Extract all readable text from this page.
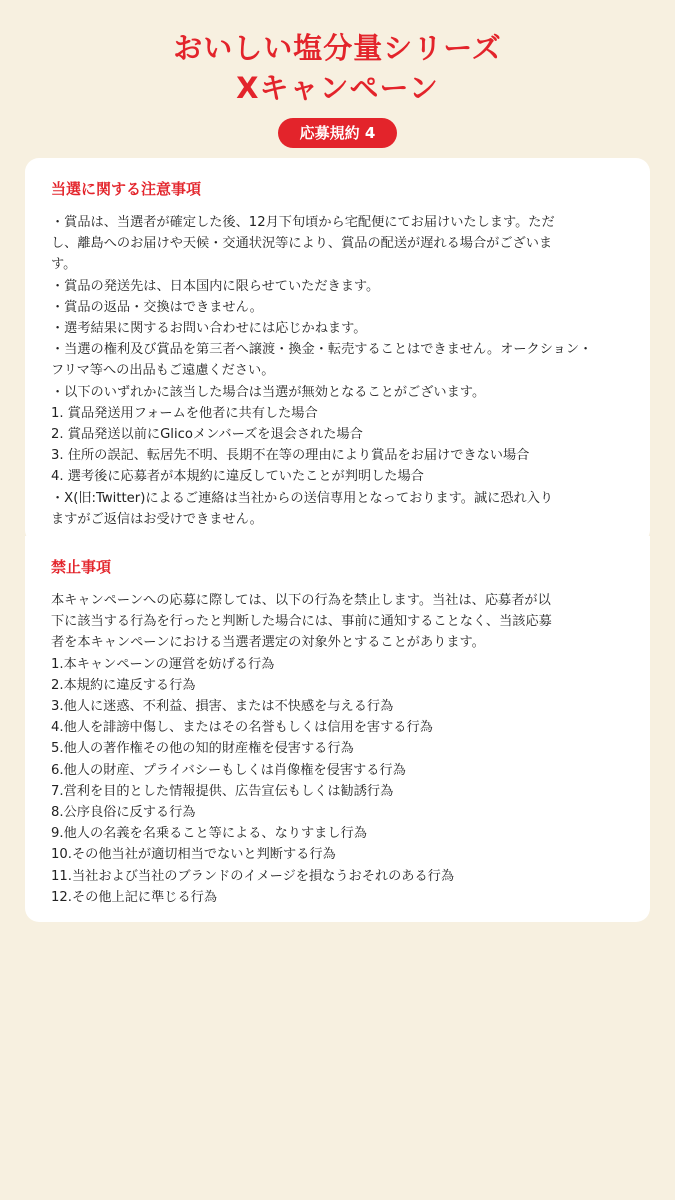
おいしい塩分量シリーズ
Xキャンペーン
応募規約 4
当選に関する注意事項
・賞品は、当選者が確定した後、12月下旬頃から宅配便にてお届けいたします。ただ
し、離島へのお届けや天候・交通状況等により、賞品の配送が遅れる場合がございま
す。
・賞品の発送先は、日本国内に限らせていただきます。
・賞品の返品・交換はできません。
・選考結果に関するお問い合わせには応じかねます。
・当選の権利及び賞品を第三者へ譲渡・換金・転売することはできません。オークション・
フリマ等への出品もご遠慮ください。
・以下のいずれかに該当した場合は当選が無効となることがございます。
1. 賞品発送用フォームを他者に共有した場合
2. 賞品発送以前にGlicoメンバーズを退会された場合
3. 住所の誤記、転居先不明、長期不在等の理由により賞品をお届けできない場合
4. 選考後に応募者が本規約に違反していたことが判明した場合
・X(旧:Twitter)によるご連絡は当社からの送信専用となっております。誠に恐れ入り
ますがご返信はお受けできません。
禁止事項
本キャンペーンへの応募に際しては、以下の行為を禁止します。当社は、応募者が以
下に該当する行為を行ったと判断した場合には、事前に通知することなく、当該応募
者を本キャンペーンにおける当選者選定の対象外とすることがあります。
1.本キャンペーンの運営を妨げる行為
2.本規約に違反する行為
3.他人に迷惑、不利益、損害、または不快感を与える行為
4.他人を誹謗中傷し、またはその名誉もしくは信用を害する行為
5.他人の著作権その他の知的財産権を侵害する行為
6.他人の財産、プライバシーもしくは肖像権を侵害する行為
7.営利を目的とした情報提供、広告宣伝もしくは勧誘行為
8.公序良俗に反する行為
9.他人の名義を名乗ること等による、なりすまし行為
10.その他当社が適切相当でないと判断する行為
11.当社および当社のブランドのイメージを損なうおそれのある行為
12.その他上記に準じる行為
